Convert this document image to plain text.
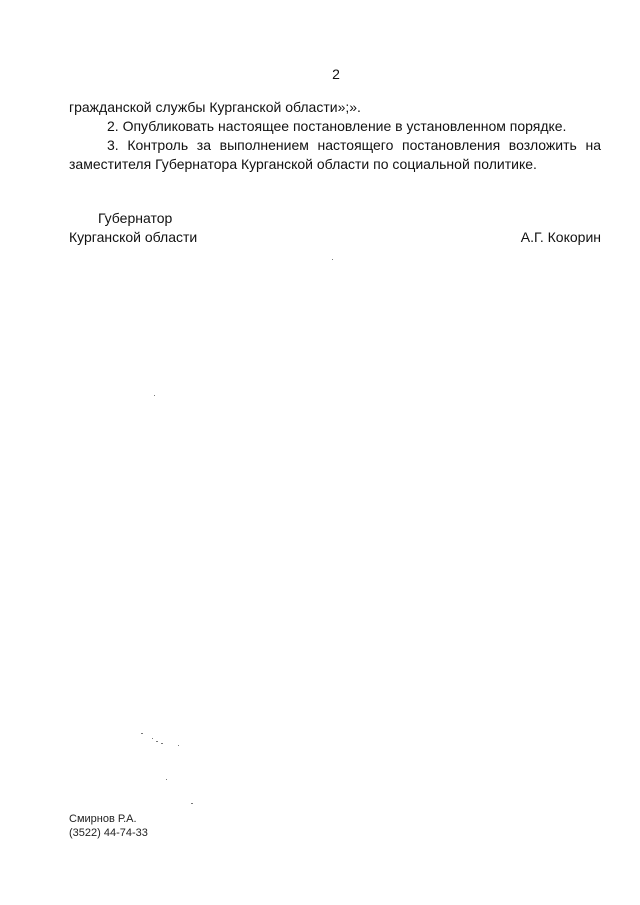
2

гражданской службы Курганской области»;».

2. Опубликовать настоящее постановление в установленном порядке.

3. Контроль за выполнением настоящего постановления возложить на

заместителя Губернатора Курганской области по социальной политике.

Губернатор
Курганской области	А.Г. Кокорин
Смирнов Р.А.
(3522) 44-74-33
